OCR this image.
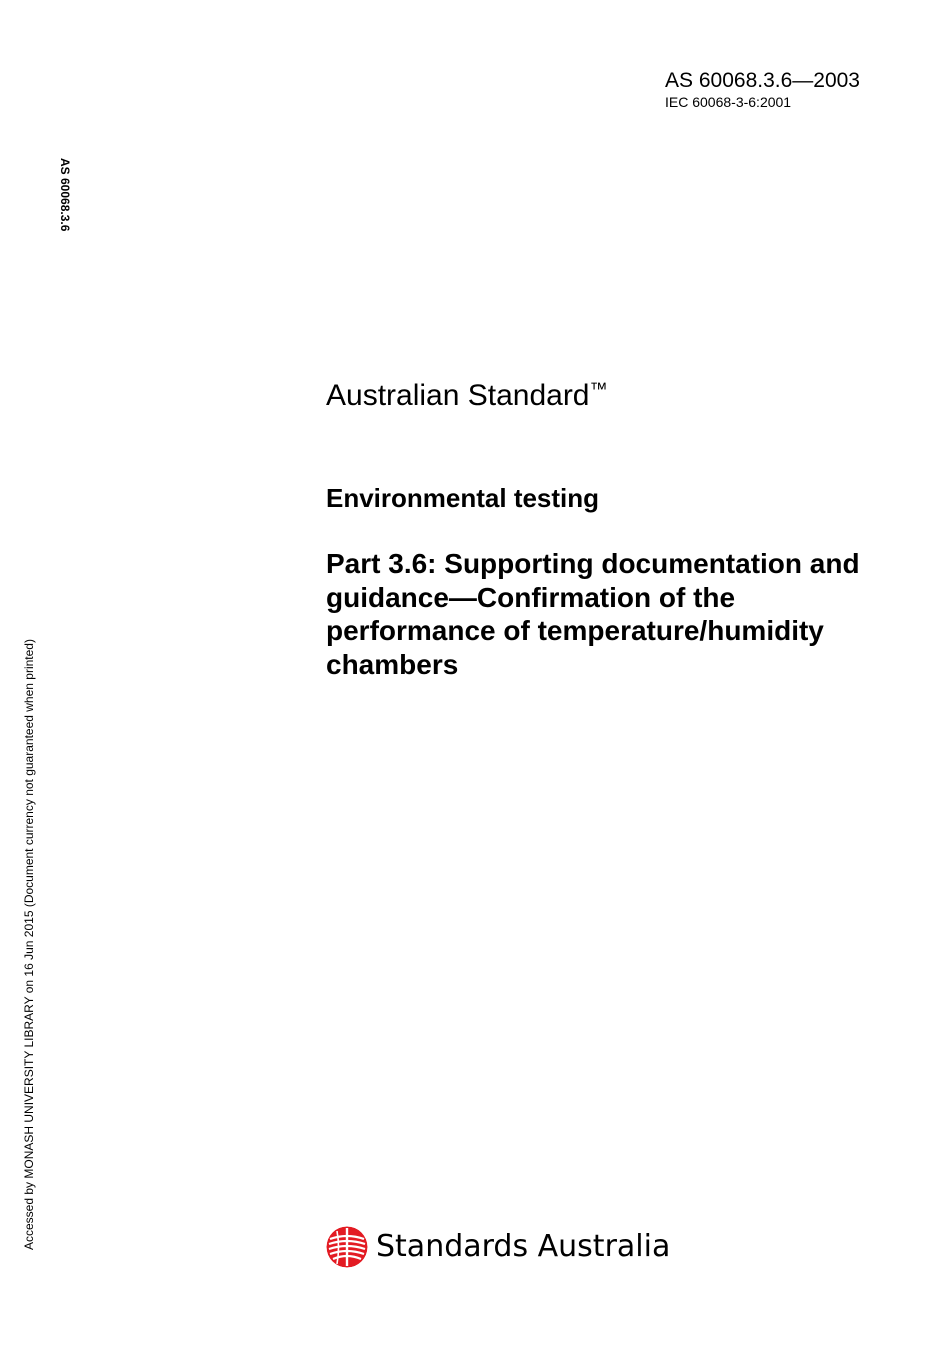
AS 60068.3.6—2003
IEC 60068-3-6:2001
AS 60068.3.6
Accessed by MONASH UNIVERSITY LIBRARY on 16 Jun 2015 (Document currency not guaranteed when printed)
Australian Standard™
Environmental testing
Part 3.6: Supporting documentation and guidance—Confirmation of the performance of temperature/humidity chambers
Standards Australia
